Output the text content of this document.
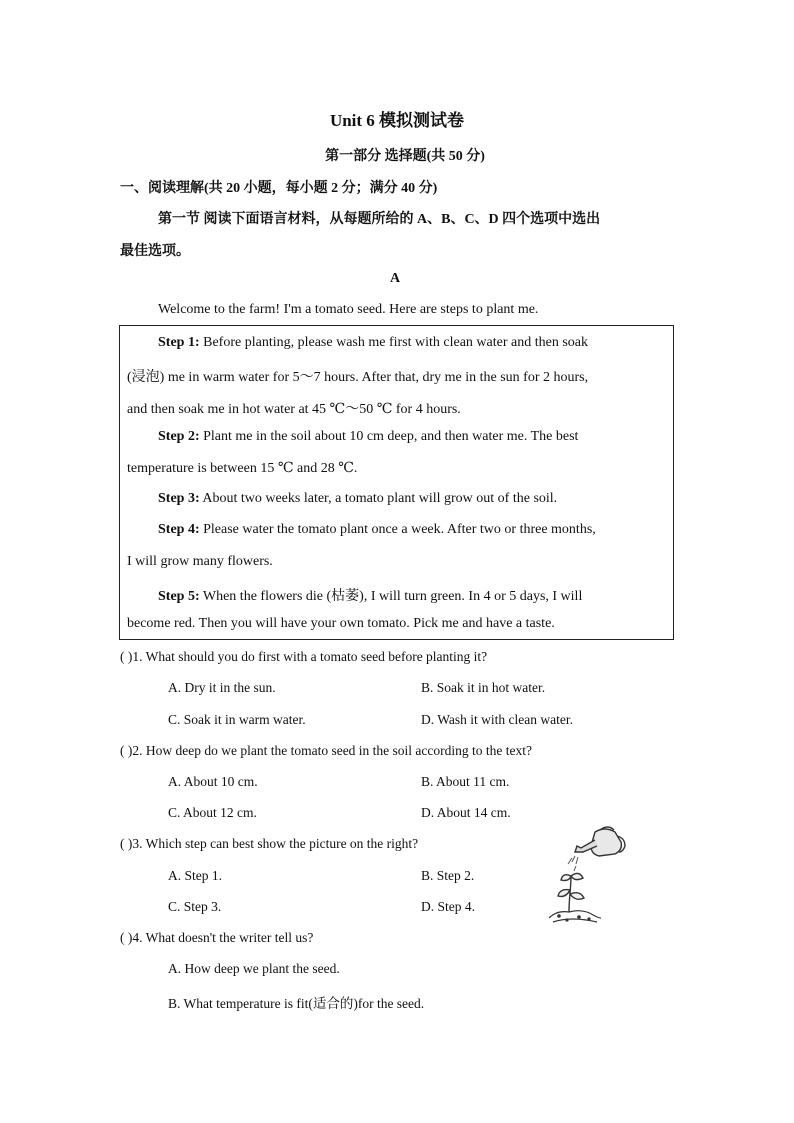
Unit 6 模拟测试卷
第一部分 选择题(共 50 分)
一、阅读理解(共 20 小题，每小题 2 分；满分 40 分)
第一节 阅读下面语言材料，从每题所给的 A、B、C、D 四个选项中选出
最佳选项。
A
Welcome to the farm! I'm a tomato seed. Here are steps to plant me.
Step 1: Before planting, please wash me first with clean water and then soak
(浸泡) me in warm water for 5～7 hours. After that, dry me in the sun for 2 hours,
and then soak me in hot water at 45 ℃～50 ℃ for 4 hours.
Step 2: Plant me in the soil about 10 cm deep, and then water me. The best
temperature is between 15 ℃ and 28 ℃.
Step 3: About two weeks later, a tomato plant will grow out of the soil.
Step 4: Please water the tomato plant once a week. After two or three months,
I will grow many flowers.
Step 5: When the flowers die (枯萎), I will turn green. In 4 or 5 days, I will
become red. Then you will have your own tomato. Pick me and have a taste.
( )1. What should you do first with a tomato seed before planting it?
A. Dry it in the sun.	B. Soak it in hot water.
C. Soak it in warm water.	D. Wash it with clean water.
( )2. How deep do we plant the tomato seed in the soil according to the text?
A. About 10 cm.	B. About 11 cm.
C. About 12 cm.	D. About 14 cm.
( )3. Which step can best show the picture on the right?
A. Step 1.	B. Step 2.
C. Step 3.	D. Step 4.
( )4. What doesn't the writer tell us?
A. How deep we plant the seed.
B. What temperature is fit(适合的)for the seed.
